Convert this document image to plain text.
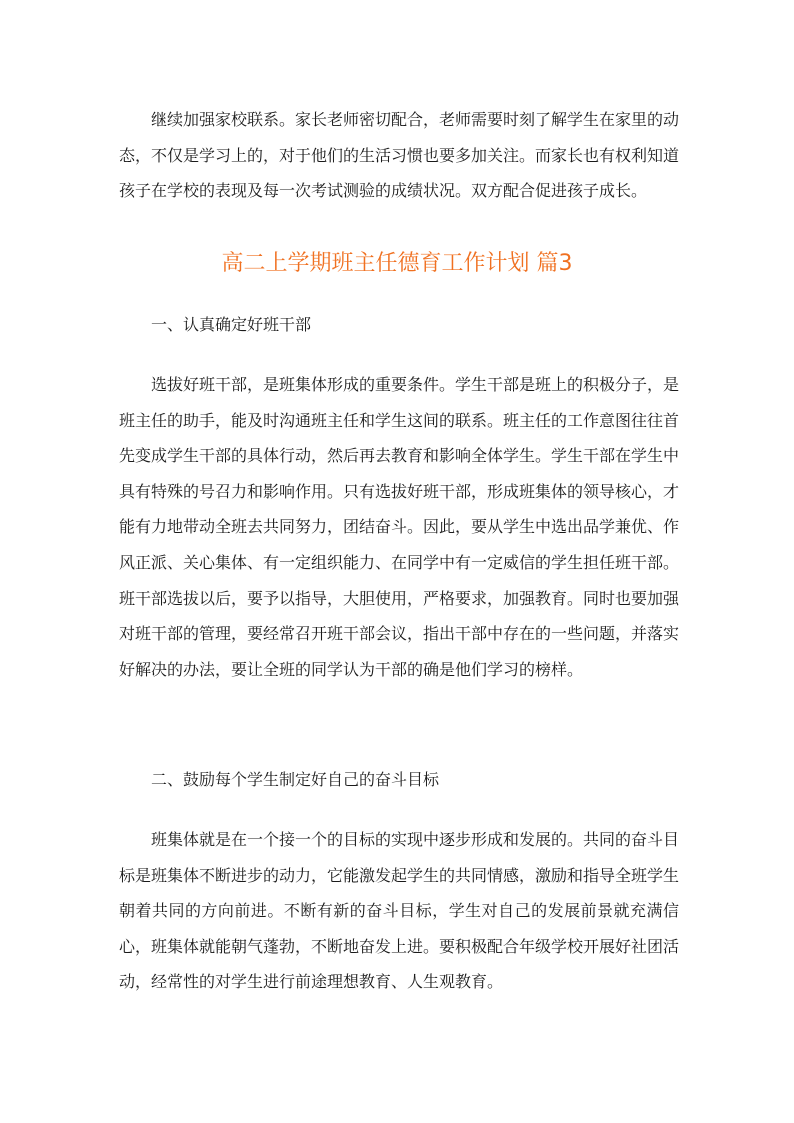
继续加强家校联系。家长老师密切配合，老师需要时刻了解学生在家里的动态，不仅是学习上的，对于他们的生活习惯也要多加关注。而家长也有权利知道孩子在学校的表现及每一次考试测验的成绩状况。双方配合促进孩子成长。

高二上学期班主任德育工作计划 篇3

一、认真确定好班干部

选拔好班干部，是班集体形成的重要条件。学生干部是班上的积极分子，是班主任的助手，能及时沟通班主任和学生这间的联系。班主任的工作意图往往首先变成学生干部的具体行动，然后再去教育和影响全体学生。学生干部在学生中具有特殊的号召力和影响作用。只有选拔好班干部，形成班集体的领导核心，才能有力地带动全班去共同努力，团结奋斗。因此，要从学生中选出品学兼优、作风正派、关心集体、有一定组织能力、在同学中有一定威信的学生担任班干部。班干部选拔以后，要予以指导，大胆使用，严格要求，加强教育。同时也要加强对班干部的管理，要经常召开班干部会议，指出干部中存在的一些问题，并落实好解决的办法，要让全班的同学认为干部的确是他们学习的榜样。

二、鼓励每个学生制定好自己的奋斗目标

班集体就是在一个接一个的目标的实现中逐步形成和发展的。共同的奋斗目标是班集体不断进步的动力，它能激发起学生的共同情感，激励和指导全班学生朝着共同的方向前进。不断有新的奋斗目标，学生对自己的发展前景就充满信心，班集体就能朝气蓬勃，不断地奋发上进。要积极配合年级学校开展好社团活动，经常性的对学生进行前途理想教育、人生观教育。
